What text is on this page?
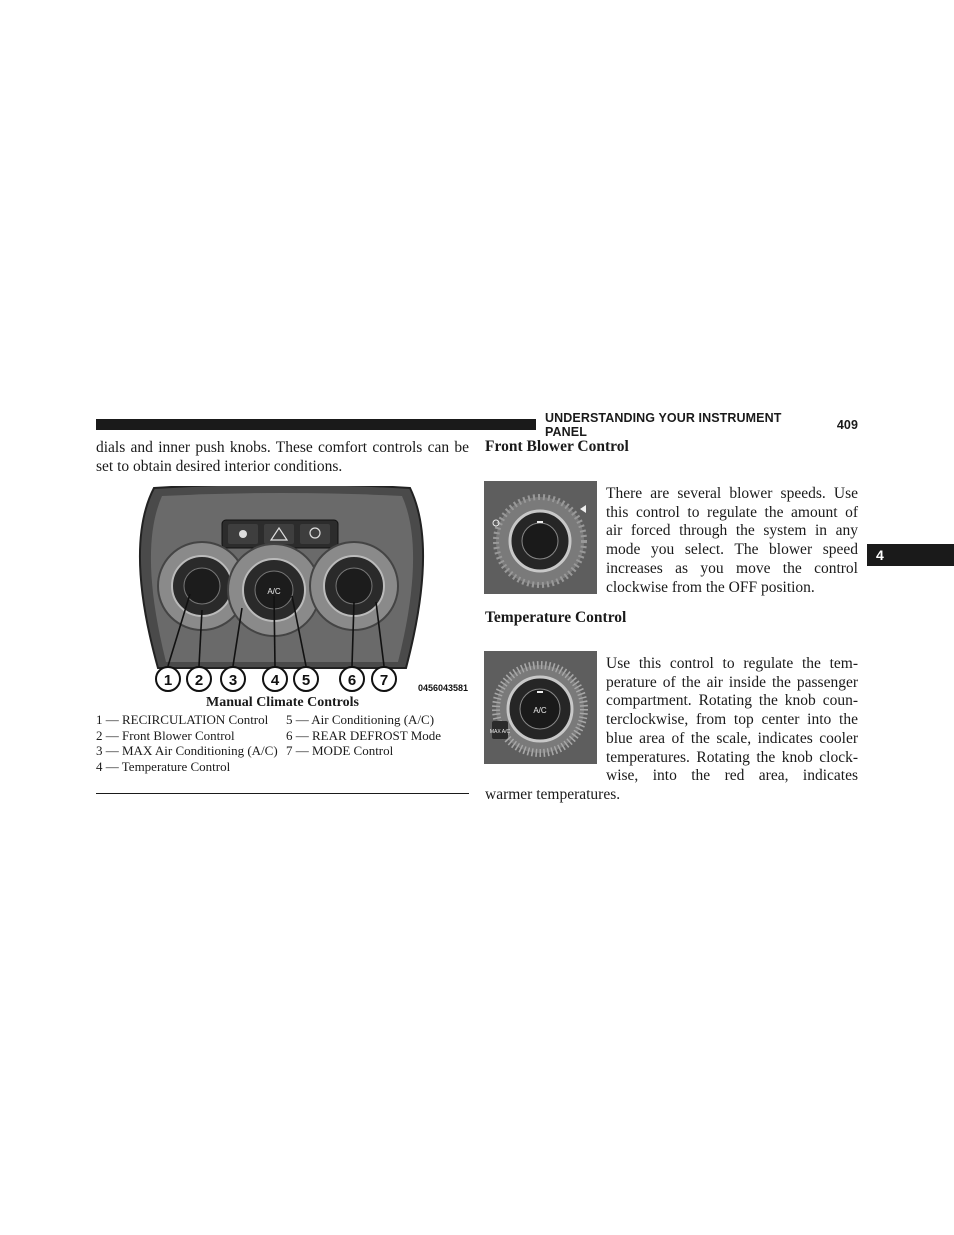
UNDERSTANDING YOUR INSTRUMENT PANEL	409
4
dials and inner push knobs. These comfort controls can be set to obtain desired interior conditions.
A/C
1 2 3 4 5	6 7	0456043581
Manual Climate Controls
1 — RECIRCULATION Control	5 — Air Conditioning (A/C)
2 — Front Blower Control	6 — REAR DEFROST Mode
3 — MAX Air Conditioning (A/C) 7 — MODE Control
4 — Temperature Control
Front Blower Control
There are several blower speeds. Use
this control to regulate the amount of
air forced through the system in any
mode you select. The blower speed
increases as you move the control
clockwise from the OFF position.
Temperature Control
A/C
MAX A/C
Use this control to regulate the tem-
perature of the air inside the passenger
compartment. Rotating the knob coun-
terclockwise, from top center into the
blue area of the scale, indicates cooler
temperatures. Rotating the knob clock-
wise, into the red area, indicates
warmer temperatures.
